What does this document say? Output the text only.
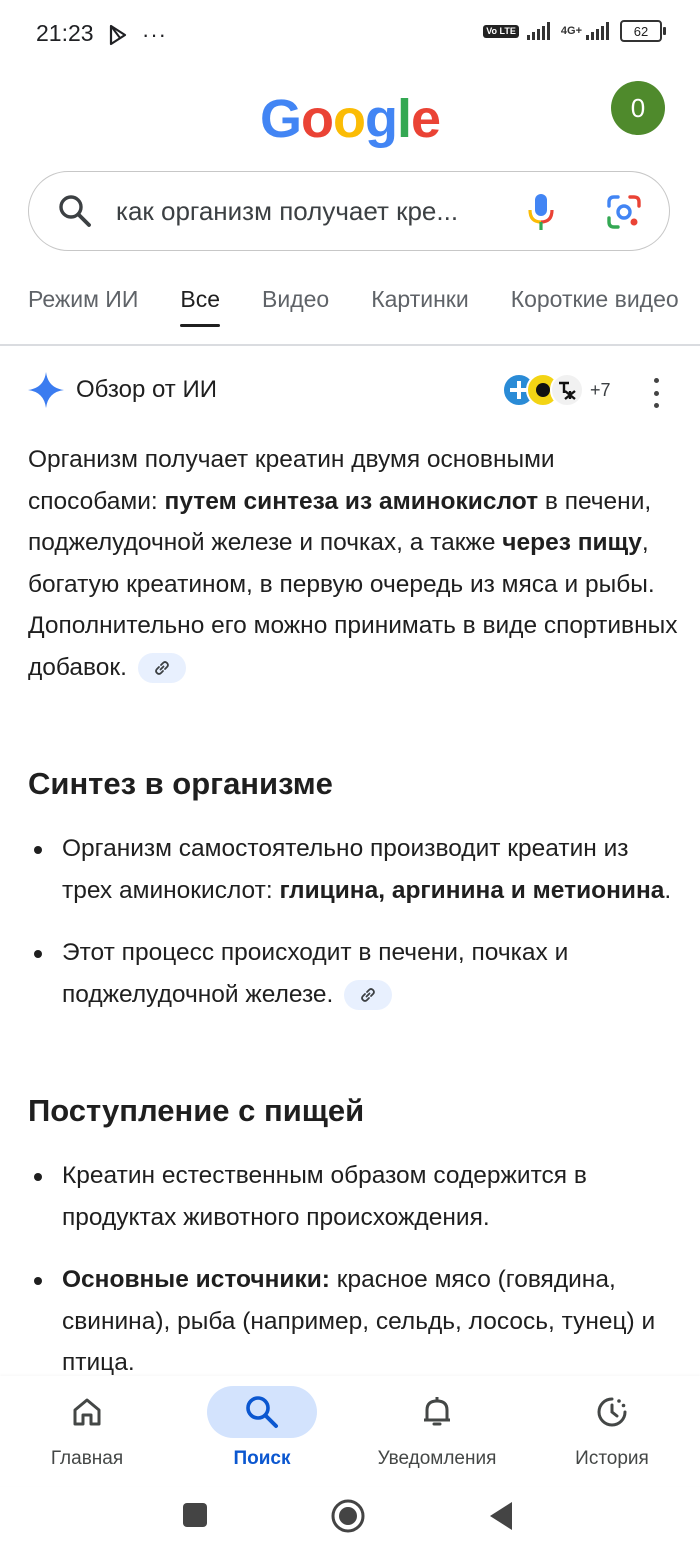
21:23 ···	Vo LTE	4G+	62
Google	0
как организм получает кре...
Режим ИИ Все Видео Картинки Короткие видео
Обзор от ИИ	+7
Организм получает креатин двумя основными способами: путем синтеза из аминокислот в печени, поджелудочной железе и почках, а также через пищу, богатую креатином, в первую очередь из мяса и рыбы. Дополнительно его можно принимать в виде спортивных добавок.
Синтез в организме
Организм самостоятельно производит креатин из трех аминокислот: глицина, аргинина и метионина.
Этот процесс происходит в печени, почках и поджелудочной железе.
Поступление с пищей
Креатин естественным образом содержится в продуктах животного происхождения.
Основные источники: красное мясо (говядина, свинина), рыба (например, сельдь, лосось, тунец) и птица.
Главная	Поиск	Уведомления	История
